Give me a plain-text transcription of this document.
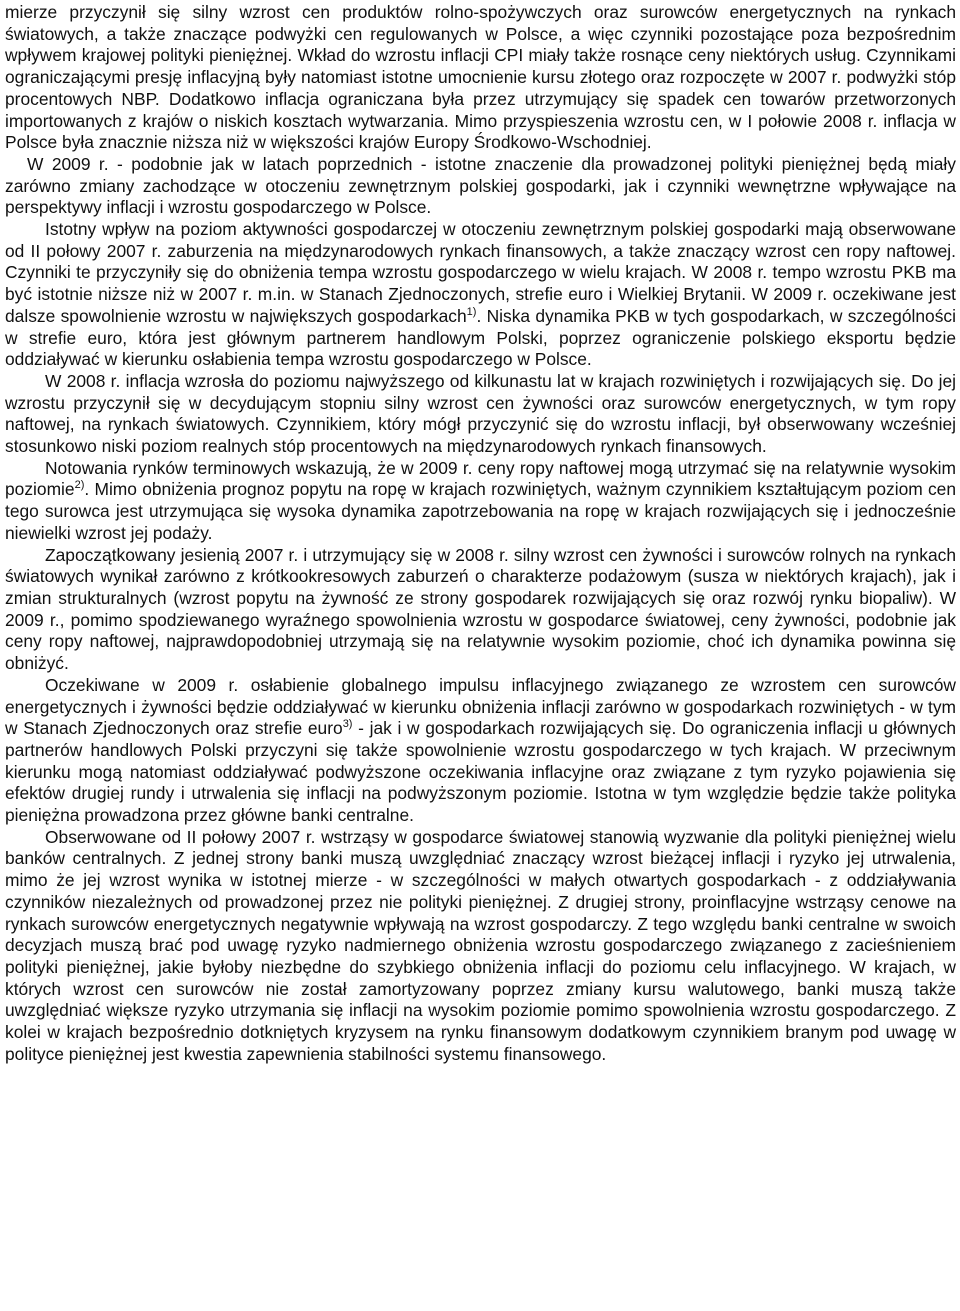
mierze przyczynił się silny wzrost cen produktów rolno-spożywczych oraz surowców energetycznych na rynkach światowych, a także znaczące podwyżki cen regulowanych w Polsce, a więc czynniki pozostające poza bezpośrednim wpływem krajowej polityki pieniężnej. Wkład do wzrostu inflacji CPI miały także rosnące ceny niektórych usług. Czynnikami ograniczającymi presję inflacyjną były natomiast istotne umocnienie kursu złotego oraz rozpoczęte w 2007 r. podwyżki stóp procentowych NBP. Dodatkowo inflacja ograniczana była przez utrzymujący się spadek cen towarów przetworzonych importowanych z krajów o niskich kosztach wytwarzania. Mimo przyspieszenia wzrostu cen, w I połowie 2008 r. inflacja w Polsce była znacznie niższa niż w większości krajów Europy Środkowo-Wschodniej.

W 2009 r. - podobnie jak w latach poprzednich - istotne znaczenie dla prowadzonej polityki pieniężnej będą miały zarówno zmiany zachodzące w otoczeniu zewnętrznym polskiej gospodarki, jak i czynniki wewnętrzne wpływające na perspektywy inflacji i wzrostu gospodarczego w Polsce.

Istotny wpływ na poziom aktywności gospodarczej w otoczeniu zewnętrznym polskiej gospodarki mają obserwowane od II połowy 2007 r. zaburzenia na międzynarodowych rynkach finansowych, a także znaczący wzrost cen ropy naftowej. Czynniki te przyczyniły się do obniżenia tempa wzrostu gospodarczego w wielu krajach. W 2008 r. tempo wzrostu PKB ma być istotnie niższe niż w 2007 r. m.in. w Stanach Zjednoczonych, strefie euro i Wielkiej Brytanii. W 2009 r. oczekiwane jest dalsze spowolnienie wzrostu w największych gospodarkach$^{1)}$. Niska dynamika PKB w tych gospodarkach, w szczególności w strefie euro, która jest głównym partnerem handlowym Polski, poprzez ograniczenie polskiego eksportu będzie oddziaływać w kierunku osłabienia tempa wzrostu gospodarczego w Polsce.

W 2008 r. inflacja wzrosła do poziomu najwyższego od kilkunastu lat w krajach rozwiniętych i rozwijających się. Do jej wzrostu przyczynił się w decydującym stopniu silny wzrost cen żywności oraz surowców energetycznych, w tym ropy naftowej, na rynkach światowych. Czynnikiem, który mógł przyczynić się do wzrostu inflacji, był obserwowany wcześniej stosunkowo niski poziom realnych stóp procentowych na międzynarodowych rynkach finansowych.

Notowania rynków terminowych wskazują, że w 2009 r. ceny ropy naftowej mogą utrzymać się na relatywnie wysokim poziomie$^{2)}$. Mimo obniżenia prognoz popytu na ropę w krajach rozwiniętych, ważnym czynnikiem kształtującym poziom cen tego surowca jest utrzymująca się wysoka dynamika zapotrzebowania na ropę w krajach rozwijających się i jednocześnie niewielki wzrost jej podaży.

Zapoczątkowany jesienią 2007 r. i utrzymujący się w 2008 r. silny wzrost cen żywności i surowców rolnych na rynkach światowych wynikał zarówno z krótkookresowych zaburzeń o charakterze podażowym (susza w niektórych krajach), jak i zmian strukturalnych (wzrost popytu na żywność ze strony gospodarek rozwijających się oraz rozwój rynku biopaliw). W 2009 r., pomimo spodziewanego wyraźnego spowolnienia wzrostu w gospodarce światowej, ceny żywności, podobnie jak ceny ropy naftowej, najprawdopodobniej utrzymają się na relatywnie wysokim poziomie, choć ich dynamika powinna się obniżyć.

Oczekiwane w 2009 r. osłabienie globalnego impulsu inflacyjnego związanego ze wzrostem cen surowców energetycznych i żywności będzie oddziaływać w kierunku obniżenia inflacji zarówno w gospodarkach rozwiniętych - w tym w Stanach Zjednoczonych oraz strefie euro$^{3)}$ - jak i w gospodarkach rozwijających się. Do ograniczenia inflacji u głównych partnerów handlowych Polski przyczyni się także spowolnienie wzrostu gospodarczego w tych krajach. W przeciwnym kierunku mogą natomiast oddziaływać podwyższone oczekiwania inflacyjne oraz związane z tym ryzyko pojawienia się efektów drugiej rundy i utrwalenia się inflacji na podwyższonym poziomie. Istotna w tym względzie będzie także polityka pieniężna prowadzona przez główne banki centralne.

Obserwowane od II połowy 2007 r. wstrząsy w gospodarce światowej stanowią wyzwanie dla polityki pieniężnej wielu banków centralnych. Z jednej strony banki muszą uwzględniać znaczący wzrost bieżącej inflacji i ryzyko jej utrwalenia, mimo że jej wzrost wynika w istotnej mierze - w szczególności w małych otwartych gospodarkach - z oddziaływania czynników niezależnych od prowadzonej przez nie polityki pieniężnej. Z drugiej strony, proinflacyjne wstrząsy cenowe na rynkach surowców energetycznych negatywnie wpływają na wzrost gospodarczy. Z tego względu banki centralne w swoich decyzjach muszą brać pod uwagę ryzyko nadmiernego obniżenia wzrostu gospodarczego związanego z zacieśnieniem polityki pieniężnej, jakie byłoby niezbędne do szybkiego obniżenia inflacji do poziomu celu inflacyjnego. W krajach, w których wzrost cen surowców nie został zamortyzowany poprzez zmiany kursu walutowego, banki muszą także uwzględniać większe ryzyko utrzymania się inflacji na wysokim poziomie pomimo spowolnienia wzrostu gospodarczego. Z kolei w krajach bezpośrednio dotkniętych kryzysem na rynku finansowym dodatkowym czynnikiem branym pod uwagę w polityce pieniężnej jest kwestia zapewnienia stabilności systemu finansowego.
